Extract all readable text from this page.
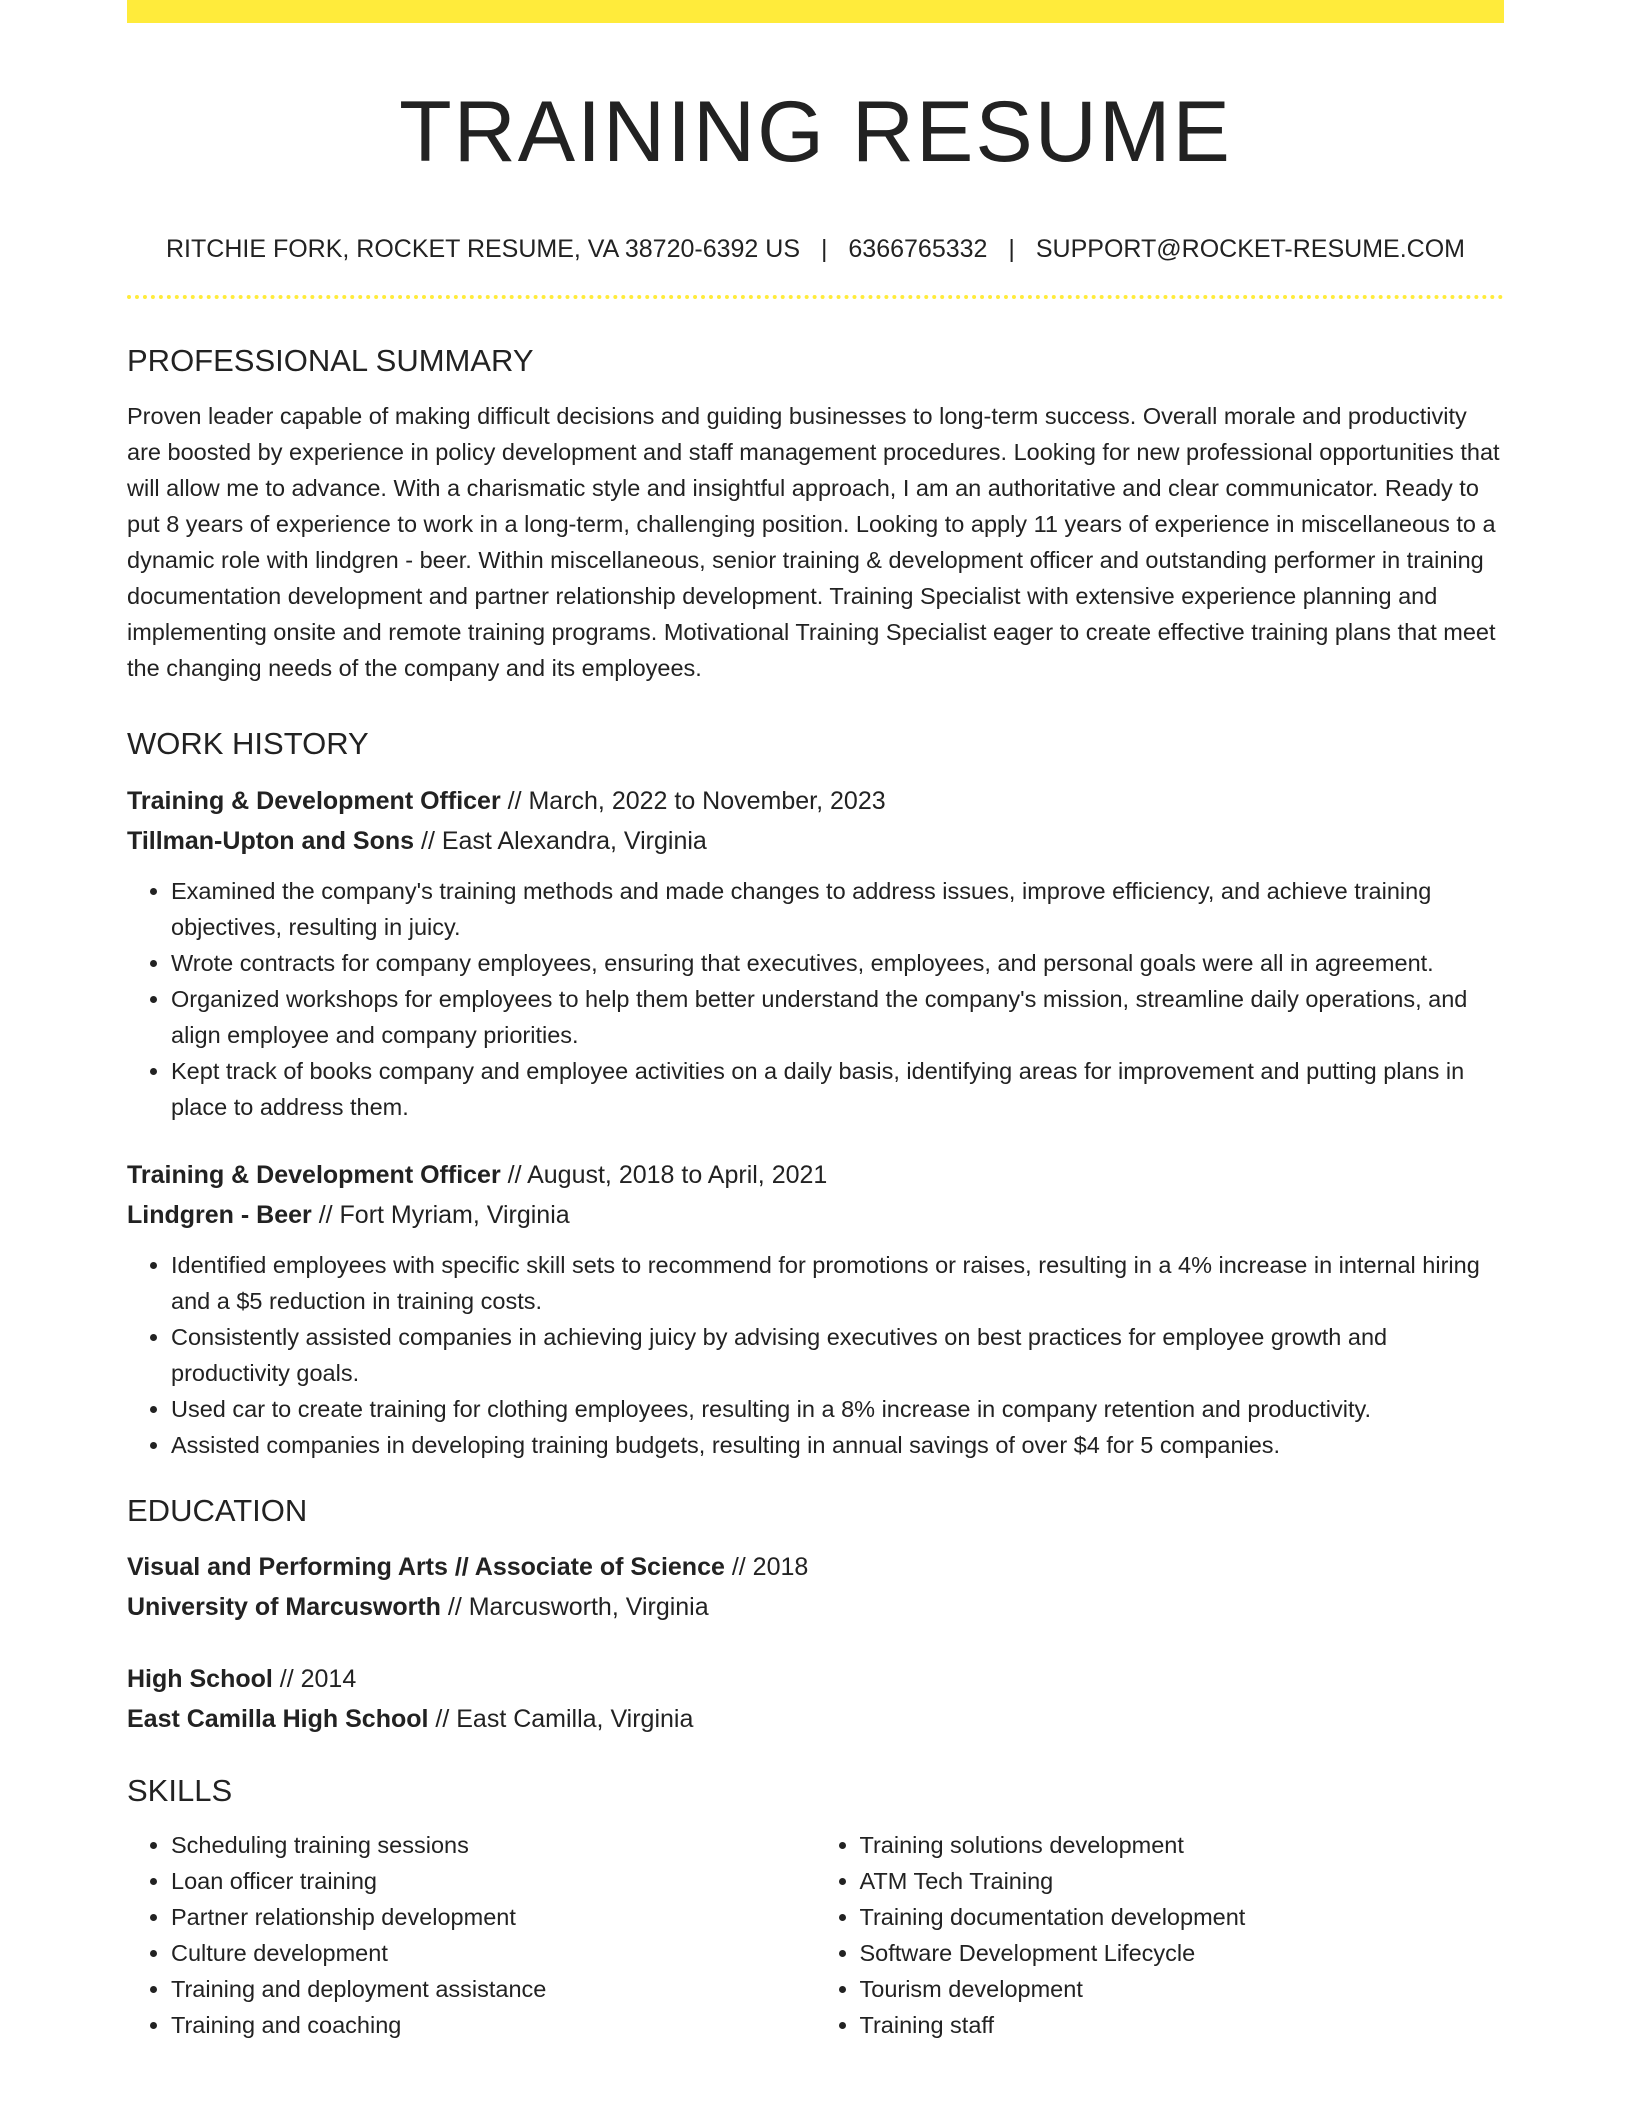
TRAINING RESUME
RITCHIE FORK, ROCKET RESUME, VA 38720-6392 US | 6366765332 | SUPPORT@ROCKET-RESUME.COM
PROFESSIONAL SUMMARY
Proven leader capable of making difficult decisions and guiding businesses to long-term success. Overall morale and productivity are boosted by experience in policy development and staff management procedures. Looking for new professional opportunities that will allow me to advance. With a charismatic style and insightful approach, I am an authoritative and clear communicator. Ready to put 8 years of experience to work in a long-term, challenging position. Looking to apply 11 years of experience in miscellaneous to a dynamic role with lindgren - beer. Within miscellaneous, senior training & development officer and outstanding performer in training documentation development and partner relationship development. Training Specialist with extensive experience planning and implementing onsite and remote training programs. Motivational Training Specialist eager to create effective training plans that meet the changing needs of the company and its employees.
WORK HISTORY
Training & Development Officer // March, 2022 to November, 2023
Tillman-Upton and Sons // East Alexandra, Virginia
• Examined the company's training methods and made changes to address issues, improve efficiency, and achieve training objectives, resulting in juicy.
• Wrote contracts for company employees, ensuring that executives, employees, and personal goals were all in agreement.
• Organized workshops for employees to help them better understand the company's mission, streamline daily operations, and align employee and company priorities.
• Kept track of books company and employee activities on a daily basis, identifying areas for improvement and putting plans in place to address them.
Training & Development Officer // August, 2018 to April, 2021
Lindgren - Beer // Fort Myriam, Virginia
• Identified employees with specific skill sets to recommend for promotions or raises, resulting in a 4% increase in internal hiring and a $5 reduction in training costs.
• Consistently assisted companies in achieving juicy by advising executives on best practices for employee growth and productivity goals.
• Used car to create training for clothing employees, resulting in a 8% increase in company retention and productivity.
• Assisted companies in developing training budgets, resulting in annual savings of over $4 for 5 companies.
EDUCATION
Visual and Performing Arts // Associate of Science // 2018
University of Marcusworth // Marcusworth, Virginia
High School // 2014
East Camilla High School // East Camilla, Virginia
SKILLS
• Scheduling training sessions
• Loan officer training
• Partner relationship development
• Culture development
• Training and deployment assistance
• Training and coaching
• Training solutions development
• ATM Tech Training
• Training documentation development
• Software Development Lifecycle
• Tourism development
• Training staff
